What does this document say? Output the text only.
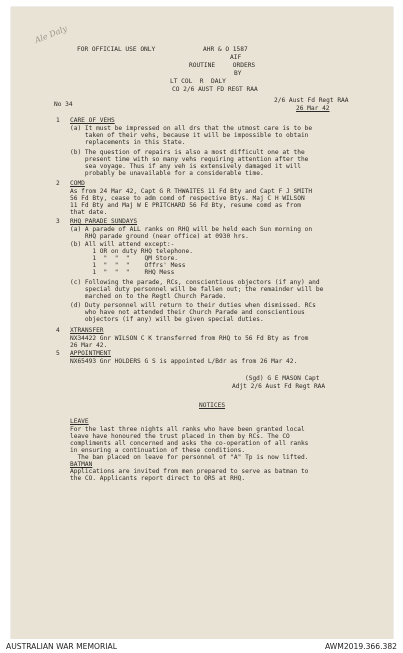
Ale Daly
FOR OFFICIAL USE ONLY	AHR & O 1587
AIF
ROUTINE ORDERS
BY
LT COL  R  DALY
CO 2/6 AUST FD REGT RAA
No 34
2/6 Aust Fd Regt RAA
26 Mar 42
1 CARE OF VEHS
(a) It must be impressed on all drs that the utmost care is to be
taken of their vehs, because it will be impossible to obtain
replacements in this State.
(b) The question of repairs is also a most difficult one at the
present time with so many vehs requiring attention after the
sea voyage. Thus if any veh is extensively damaged it will
probably be unavailable for a considerable time.
2 COMD
As from 24 Mar 42, Capt G R THWAITES 11 Fd Bty and Capt F J SMITH
56 Fd Bty, cease to adm comd of respective Btys. Maj C H WILSON
11 Fd Bty and Maj W E PRITCHARD 56 Fd Bty, resume comd as from
that date.
3 RHQ PARADE SUNDAYS
(a) A parade of ALL ranks on RHQ will be held each Sun morning on
RHQ parade ground (near office) at 0930 hrs.
(b) All will attend except:-
1 OR on duty RHQ telephone.
1  "  "  "    QM Store.
1  "  "  "    Offrs' Mess
1  "  "  "    RHQ Mess
(c) Following the parade, RCs, conscientious objectors (if any) and
special duty personnel will be fallen out; the remainder will be
marched on to the Regtl Church Parade.
(d) Duty personnel will return to their duties when dismissed. RCs
who have not attended their Church Parade and conscientious
objectors (if any) will be given special duties.
4 XTRANSFER
NX34422 Gnr WILSON C K transferred from RHQ to 56 Fd Bty as from
26 Mar 42.
5 APPOINTMENT
NX65493 Gnr HOLDERS G S is appointed L/Bdr as from 26 Mar 42.
(Sgd) G E MASON Capt
Adjt 2/6 Aust Fd Regt RAA
NOTICES
LEAVE
For the last three nights all ranks who have been granted local
leave have honoured the trust placed in them by RCs. The CO
compliments all concerned and asks the co-operation of all ranks
in ensuring a continuation of these conditions.
The ban placed on leave for personnel of "A" Tp is now lifted.
BATMAN
Applications are invited from men prepared to serve as batman to
the CO. Applicants report direct to ORS at RHQ.
AUSTRALIAN WAR MEMORIAL	AWM2019.366.382
